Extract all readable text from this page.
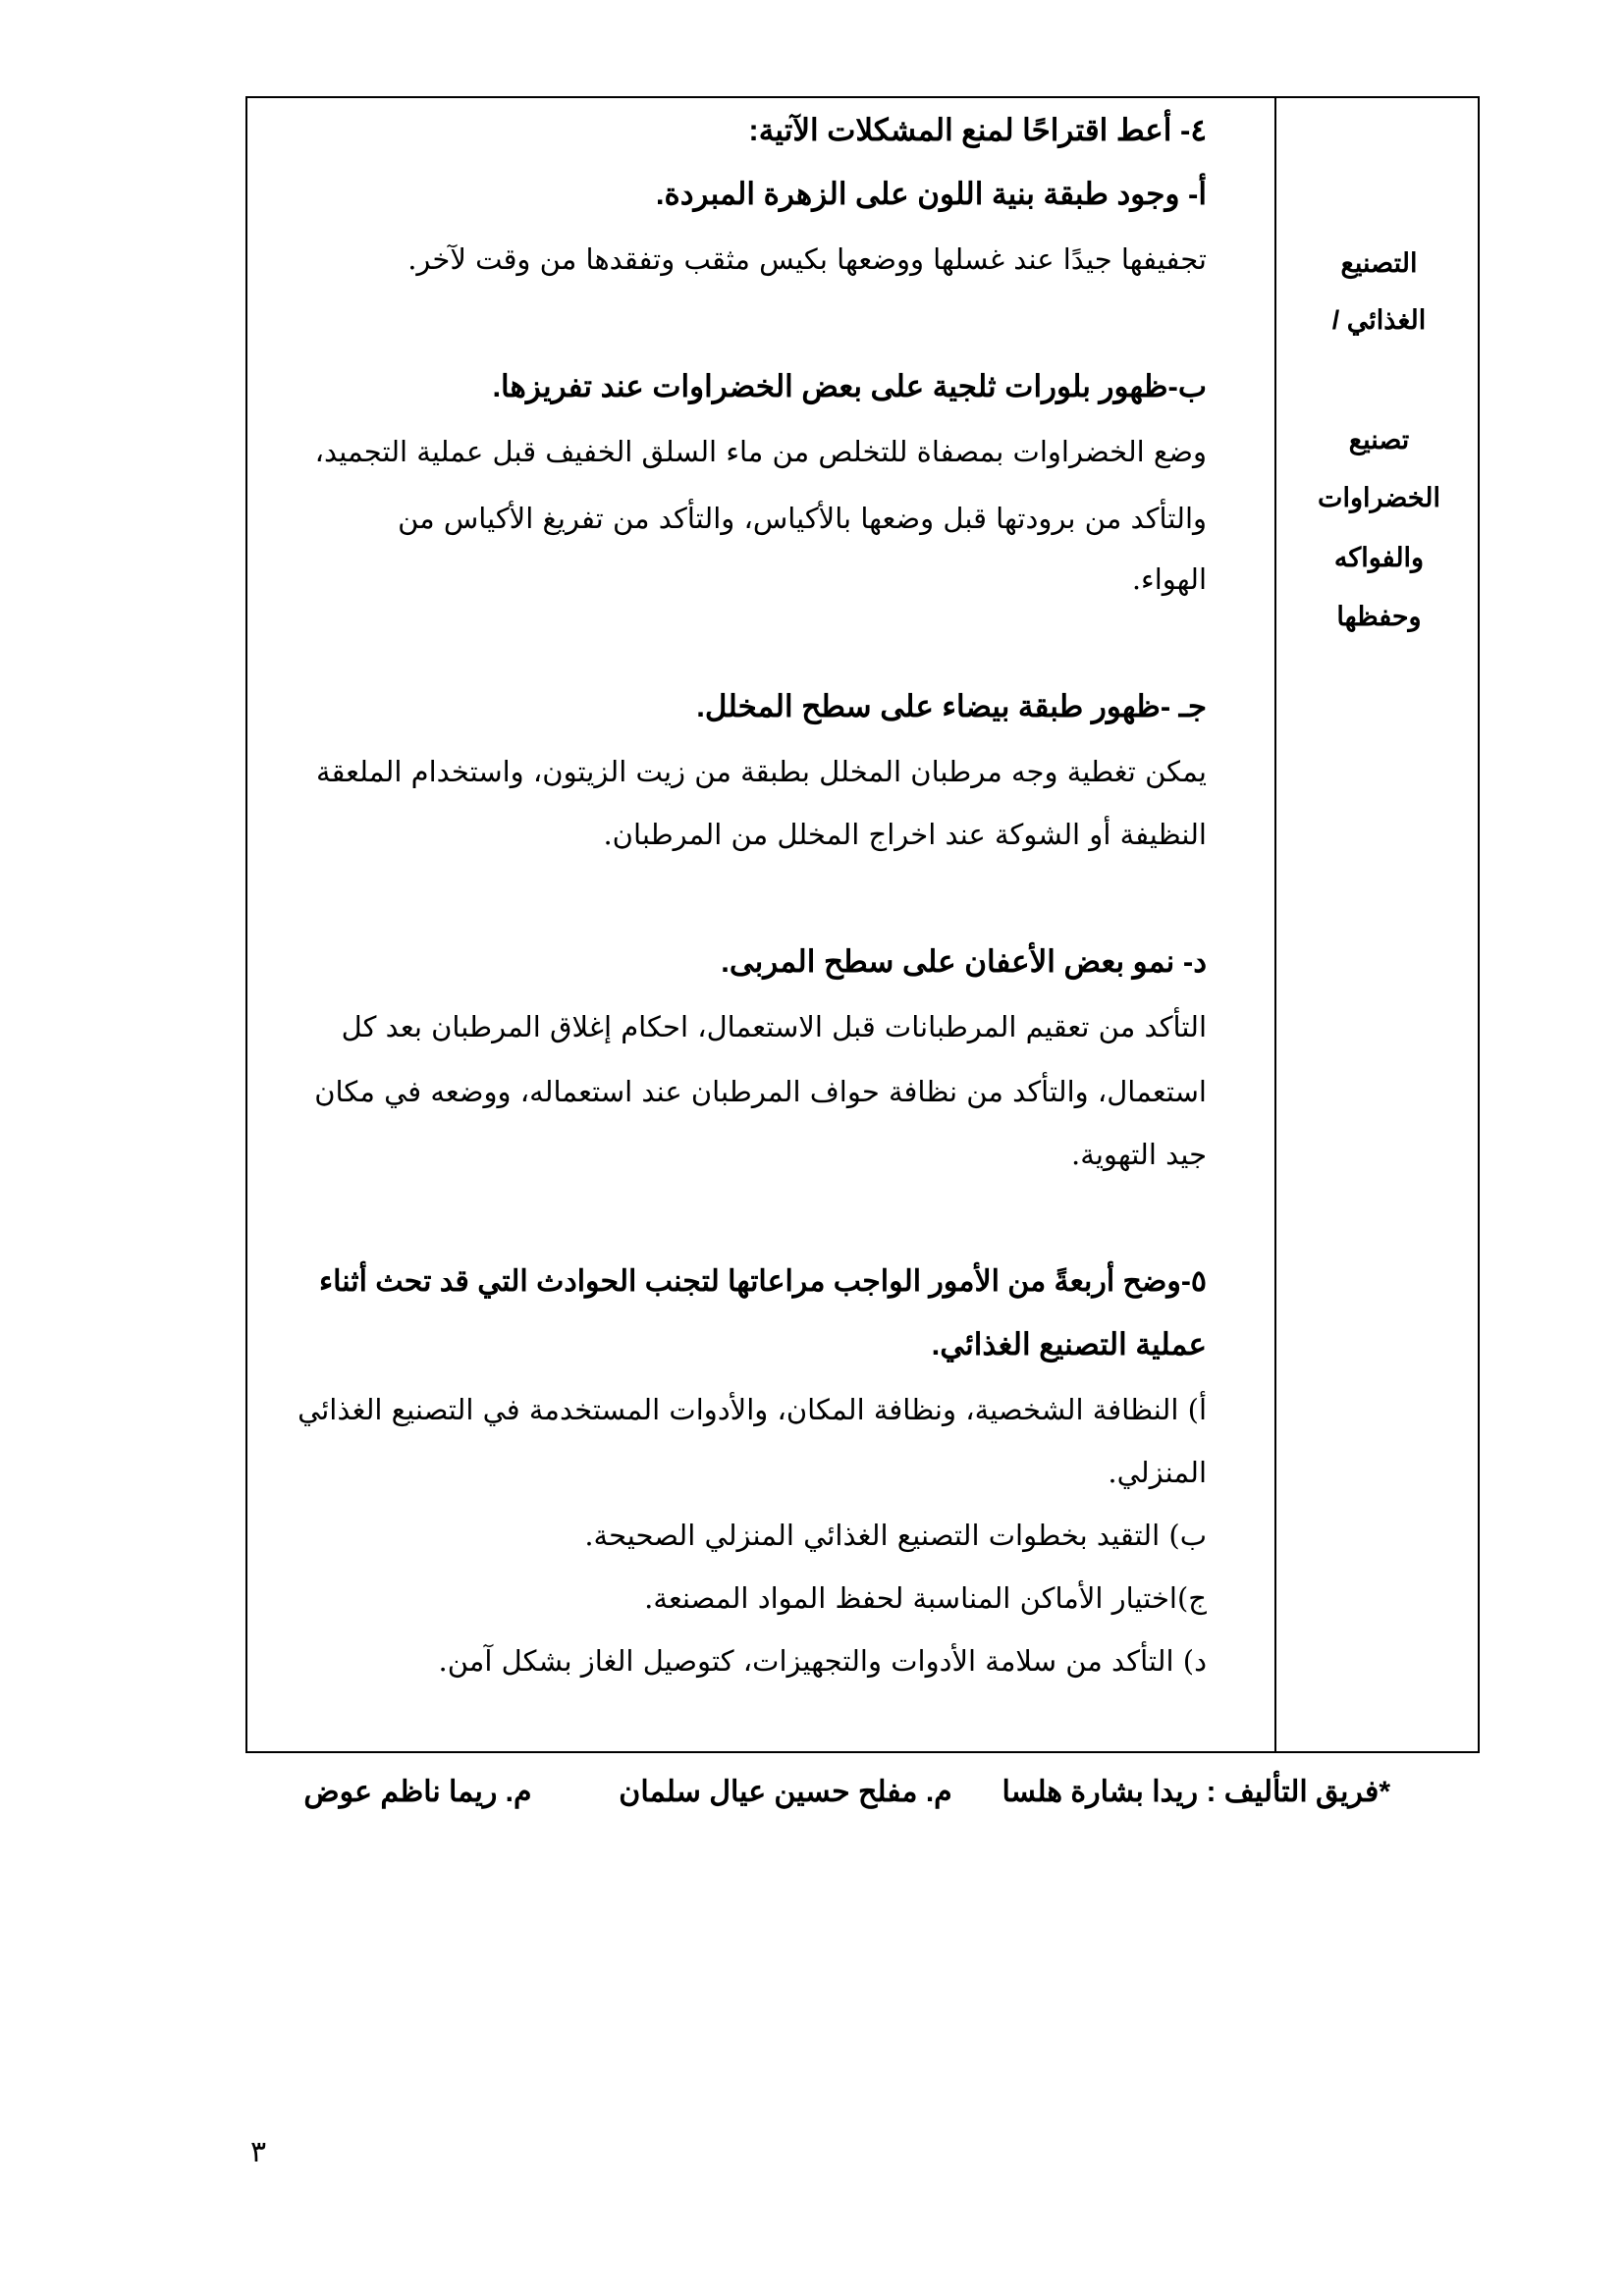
التصنيع
الغذائي /
تصنيع
الخضراوات
والفواكه
وحفظها
٤- أعط اقتراحًا لمنع المشكلات الآتية:
أ- وجود طبقة بنية اللون على الزهرة المبردة.
تجفيفها جيدًا عند غسلها ووضعها بكيس مثقب وتفقدها من وقت لآخر.
ب-ظهور بلورات ثلجية على بعض الخضراوات عند تفريزها.
وضع الخضراوات بمصفاة للتخلص من ماء السلق الخفيف قبل عملية التجميد،
والتأكد من برودتها قبل وضعها بالأكياس، والتأكد من تفريغ الأكياس من
الهواء.
جـ -ظهور طبقة بيضاء على سطح المخلل.
يمكن تغطية وجه مرطبان المخلل بطبقة من زيت الزيتون، واستخدام الملعقة
النظيفة أو الشوكة عند اخراج المخلل من المرطبان.
د- نمو بعض الأعفان على سطح المربى.
التأكد من تعقيم المرطبانات قبل الاستعمال، احكام إغلاق المرطبان بعد كل
استعمال، والتأكد من نظافة حواف المرطبان عند استعماله، ووضعه في مكان
جيد التهوية.
٥-وضح أربعةً من الأمور الواجب مراعاتها لتجنب الحوادث التي قد تحث أثناء
عملية التصنيع الغذائي.
أ) النظافة الشخصية، ونظافة المكان، والأدوات المستخدمة في التصنيع الغذائي
المنزلي.
ب) التقيد بخطوات التصنيع الغذائي المنزلي الصحيحة.
ج)اختيار الأماكن المناسبة لحفظ المواد المصنعة.
د) التأكد من سلامة الأدوات والتجهيزات، كتوصيل الغاز بشكل آمن.
*فريق التأليف : ريدا بشارة هلسا  م. مفلح حسين عيال سلمان  م. ريما ناظم عوض
٣
